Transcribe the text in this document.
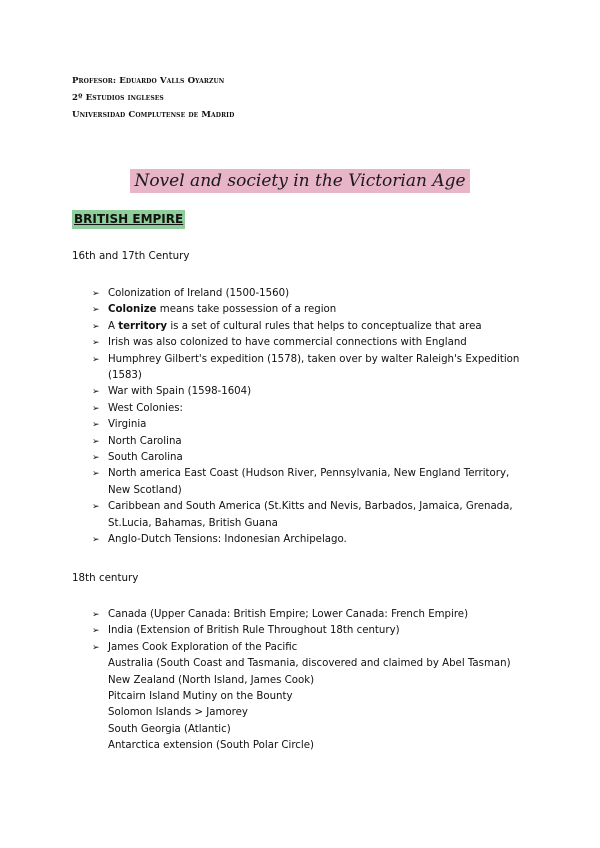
Profesor: Eduardo Valls Oyarzun
2º Estudios ingleses
Universidad Complutense de Madrid
Novel and society in the Victorian Age
BRITISH EMPIRE
16th and 17th Century
➢ Colonization of Ireland (1500-1560)
➢ Colonize means take possession of a region
➢ A territory is a set of cultural rules that helps to conceptualize that area
➢ Irish was also colonized to have commercial connections with England
➢ Humphrey Gilbert's expedition (1578), taken over by walter Raleigh's Expedition (1583)
➢ War with Spain (1598-1604)
➢ West Colonies:
➢ Virginia
➢ North Carolina
➢ South Carolina
➢ North america East Coast (Hudson River, Pennsylvania, New England Territory, New Scotland)
➢ Caribbean and South America (St.Kitts and Nevis, Barbados, Jamaica, Grenada, St.Lucia, Bahamas, British Guana
➢ Anglo-Dutch Tensions: Indonesian Archipelago.
18th century
➢ Canada (Upper Canada: British Empire; Lower Canada: French Empire)
➢ India (Extension of British Rule Throughout 18th century)
➢ James Cook Exploration of the Pacific
Australia (South Coast and Tasmania, discovered and claimed by Abel Tasman)
New Zealand (North Island, James Cook)
Pitcairn Island Mutiny on the Bounty
Solomon Islands > Jamorey
South Georgia (Atlantic)
Antarctica extension (South Polar Circle)
